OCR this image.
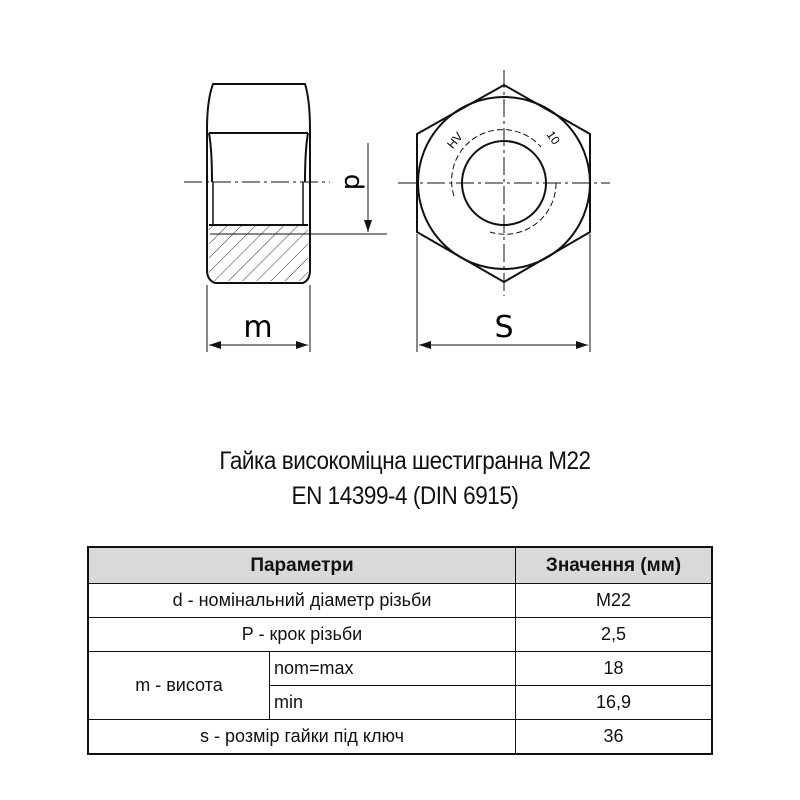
d
m
HV	10
S
Гайка високоміцна шестигранна M22
EN 14399-4 (DIN 6915)
Параметри		Значення (мм)
d - номінальний діаметр різьби		M22
P - крок різьби		2,5
m - висота	nom=max	18
	min	16,9
s - розмір гайки під ключ		36
